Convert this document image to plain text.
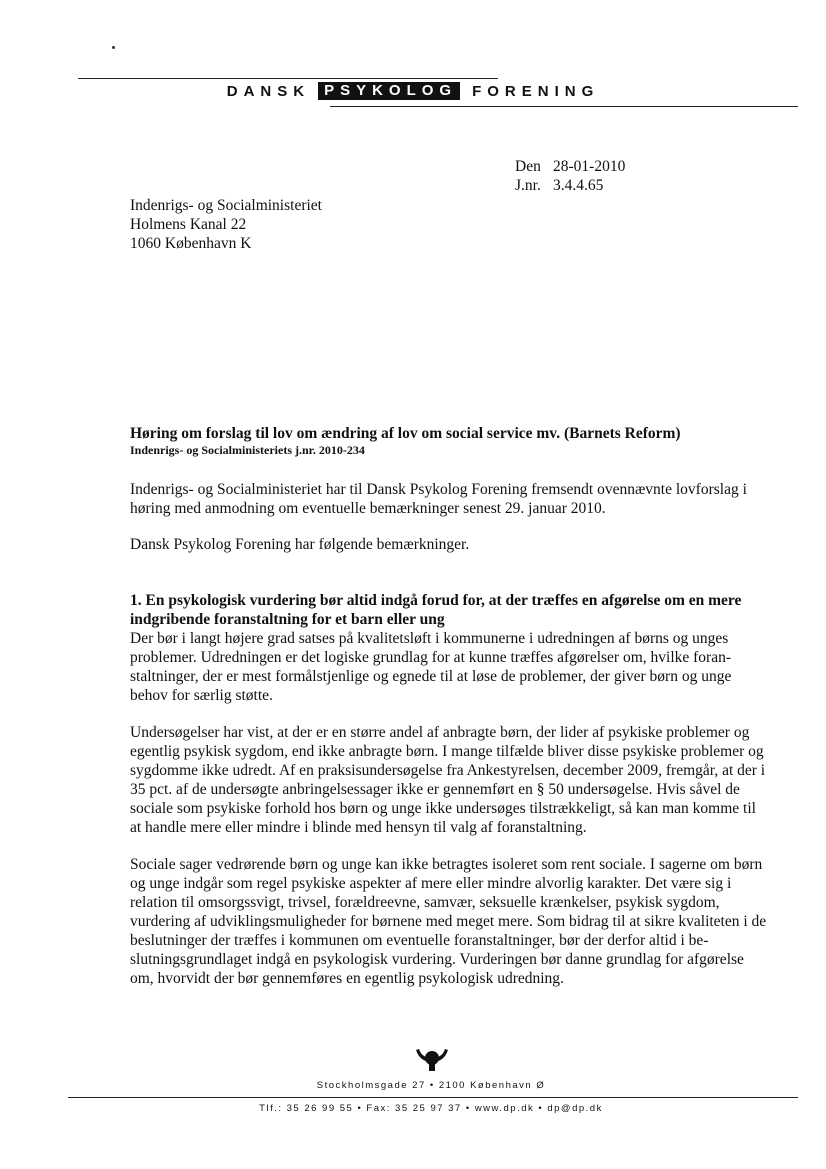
DANSK PSYKOLOG FORENING
Den 28-01-2010
J.nr. 3.4.4.65
Indenrigs- og Socialministeriet
Holmens Kanal 22
1060 København K
Høring om forslag til lov om ændring af lov om social service mv. (Barnets Reform)
Indenrigs- og Socialministeriets j.nr. 2010-234
Indenrigs- og Socialministeriet har til Dansk Psykolog Forening fremsendt ovennævnte lovforslag i høring med anmodning om eventuelle bemærkninger senest 29. januar 2010.
Dansk Psykolog Forening har følgende bemærkninger.
1. En psykologisk vurdering bør altid indgå forud for, at der træffes en afgørelse om en mere indgribende foranstaltning for et barn eller ung
Der bør i langt højere grad satses på kvalitetsløft i kommunerne i udredningen af børns og unges problemer. Udredningen er det logiske grundlag for at kunne træffes afgørelser om, hvilke foran-staltninger, der er mest formålstjenlige og egnede til at løse de problemer, der giver børn og unge behov for særlig støtte.
Undersøgelser har vist, at der er en større andel af anbragte børn, der lider af psykiske problemer og egentlig psykisk sygdom, end ikke anbragte børn. I mange tilfælde bliver disse psykiske problemer og sygdomme ikke udredt. Af en praksisundersøgelse fra Ankestyrelsen, december 2009, fremgår, at der i 35 pct. af de undersøgte anbringelsessager ikke er gennemført en § 50 undersøgelse. Hvis såvel de sociale som psykiske forhold hos børn og unge ikke undersøges tilstrækkeligt, så kan man komme til at handle mere eller mindre i blinde med hensyn til valg af foranstaltning.
Sociale sager vedrørende børn og unge kan ikke betragtes isoleret som rent sociale. I sagerne om børn og unge indgår som regel psykiske aspekter af mere eller mindre alvorlig karakter. Det være sig i relation til omsorgssvigt, trivsel, forældreevne, samvær, seksuelle krænkelser, psykisk sygdom, vurdering af udviklingsmuligheder for børnene med meget mere. Som bidrag til at sikre kvaliteten i de beslutninger der træffes i kommunen om eventuelle foranstaltninger, bør der derfor altid i be-slutningsgrundlaget indgå en psykologisk vurdering. Vurderingen bør danne grundlag for afgørelse om, hvorvidt der bør gennemføres en egentlig psykologisk udredning.
Stockholmsgade 27 • 2100 København Ø
Tlf.: 35 26 99 55 • Fax: 35 25 97 37 • www.dp.dk • dp@dp.dk
